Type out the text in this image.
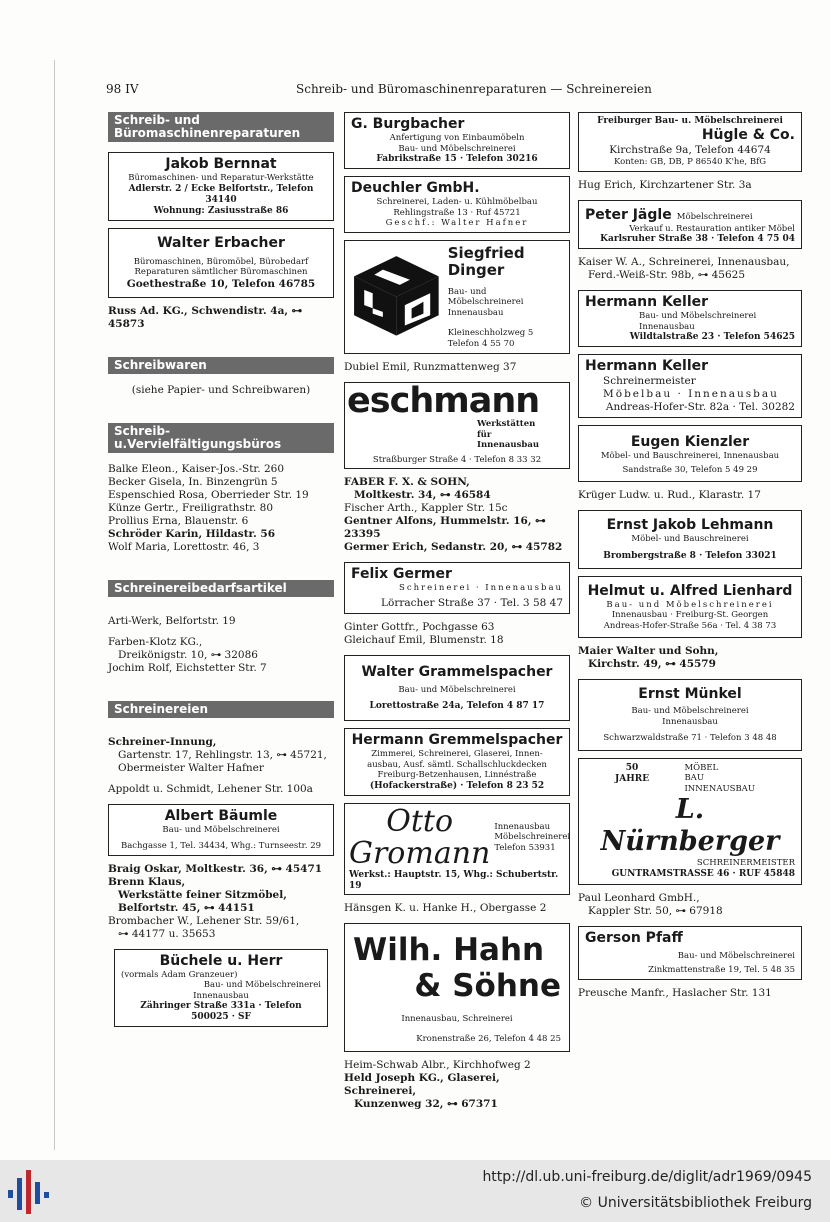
98 IV	Schreib- und Büromaschinenreparaturen — Schreinereien
Schreib- und Büromaschinenreparaturen
Jakob Bernnat
Büromaschinen- und Reparatur-Werkstätte
Adlerstr. 2 / Ecke Belfortstr., Telefon 34140
Wohnung: Zasiusstraße 86
Walter Erbacher
Büromaschinen, Büromöbel, Bürobedarf
Reparaturen sämtlicher Büromaschinen
Goethestraße 10, Telefon 46785
Russ Ad. KG., Schwendistr. 4a, ⊶ 45873
Schreibwaren
(siehe Papier- und Schreibwaren)
Schreib-u.Vervielfältigungsbüros
Balke Eleon., Kaiser-Jos.-Str. 260
Becker Gisela, In. Binzengrün 5
Espenschied Rosa, Oberrieder Str. 19
Künze Gertr., Freiligrathstr. 80
Prollius Erna, Blauenstr. 6
Schröder Karin, Hildastr. 56
Wolf Maria, Lorettostr. 46, 3
Schreinereibedarfsartikel
Arti-Werk, Belfortstr. 19
Farben-Klotz KG.,
Dreikönigstr. 10, ⊶ 32086
Jochim Rolf, Eichstetter Str. 7
Schreinereien
Schreiner-Innung,
Gartenstr. 17, Rehlingstr. 13, ⊶ 45721,
Obermeister Walter Hafner
Appoldt u. Schmidt, Lehener Str. 100a
Albert Bäumle
Bau- und Möbelschreinerei
Bachgasse 1, Tel. 34434, Whg.: Turnseestr. 29
Braig Oskar, Moltkestr. 36, ⊶ 45471
Brenn Klaus,
Werkstätte feiner Sitzmöbel,
Belfortstr. 45, ⊶ 44151
Brombacher W., Lehener Str. 59/61,
⊶ 44177 u. 35653
Büchele u. Herr
(vormals Adam Granzeuer)
Bau- und Möbelschreinerei
Innenausbau
Zähringer Straße 331a · Telefon 500025 · SF
G. Burgbacher
Anfertigung von Einbaumöbeln
Bau- und Möbelschreinerei
Fabrikstraße 15 · Telefon 30216
Deuchler GmbH.
Schreinerei, Laden- u. Kühlmöbelbau
Rehlingstraße 13 · Ruf 45721
Geschf.: Walter Hafner
Siegfried Dinger
Bau- und
Möbelschreinerei
Innenausbau
Kleineschholzweg 5
Telefon 4 55 70
Dubiel Emil, Runzmattenweg 37
eschmann
Werkstätten
für
Innenausbau
Straßburger Straße 4 · Telefon 8 33 32
FABER F. X. & SOHN,
Moltkestr. 34, ⊶ 46584
Fischer Arth., Kappler Str. 15c
Gentner Alfons, Hummelstr. 16, ⊶ 23395
Germer Erich, Sedanstr. 20, ⊶ 45782
Felix Germer
Schreinerei · Innenausbau
Lörracher Straße 37 · Tel. 3 58 47
Ginter Gottfr., Pochgasse 63
Gleichauf Emil, Blumenstr. 18
Walter Grammelspacher
Bau- und Möbelschreinerei
Lorettostraße 24a, Telefon 4 87 17
Hermann Gremmelspacher
Zimmerei, Schreinerei, Glaserei, Innen-
ausbau, Ausf. sämtl. Schallschluckdecken
Freiburg-Betzenhausen, Linnéstraße
(Hofackerstraße) · Telefon 8 23 52
Otto Gromann
Innenausbau
Möbelschreinerei
Telefon 53931
Werkst.: Hauptstr. 15, Whg.: Schubertstr. 19
Hänsgen K. u. Hanke H., Obergasse 2
Wilh. Hahn
& Söhne
Innenausbau, Schreinerei
Kronenstraße 26, Telefon 4 48 25
Heim-Schwab Albr., Kirchhofweg 2
Held Joseph KG., Glaserei, Schreinerei,
Kunzenweg 32, ⊶ 67371
Freiburger Bau- u. Möbelschreinerei
Hügle & Co.
Kirchstraße 9a, Telefon 44674
Konten: GB, DB, P 86540 K'he, BfG
Hug Erich, Kirchzartener Str. 3a
Peter Jägle Möbelschreinerei
Verkauf u. Restauration antiker Möbel
Karlsruher Straße 38 · Telefon 4 75 04
Kaiser W. A., Schreinerei, Innenausbau,
Ferd.-Weiß-Str. 98b, ⊶ 45625
Hermann Keller
Bau- und Möbelschreinerei
Innenausbau
Wildtalstraße 23 · Telefon 54625
Hermann Keller
Schreinermeister
Möbelbau · Innenausbau
Andreas-Hofer-Str. 82a · Tel. 30282
Eugen Kienzler
Möbel- und Bauschreinerei, Innenausbau
Sandstraße 30, Telefon 5 49 29
Krüger Ludw. u. Rud., Klarastr. 17
Ernst Jakob Lehmann
Möbel- und Bauschreinerei
Brombergstraße 8 · Telefon 33021
Helmut u. Alfred Lienhard
Bau- und Möbelschreinerei
Innenausbau · Freiburg-St. Georgen
Andreas-Hofer-Straße 56a · Tel. 4 38 73
Maier Walter und Sohn,
Kirchstr. 49, ⊶ 45579
Ernst Münkel
Bau- und Möbelschreinerei
Innenausbau
Schwarzwaldstraße 71 · Telefon 3 48 48
50
JAHRE
MÖBEL
BAU
INNENAUSBAU
L. Nürnberger
SCHREINERMEISTER
GUNTRAMSTRASSE 46 · RUF 45848
Paul Leonhard GmbH.,
Kappler Str. 50, ⊶ 67918
Gerson Pfaff
Bau- und Möbelschreinerei
Zinkmattenstraße 19, Tel. 5 48 35
Preusche Manfr., Haslacher Str. 131
http://dl.ub.uni-freiburg.de/diglit/adr1969/0945
© Universitätsbibliothek Freiburg
